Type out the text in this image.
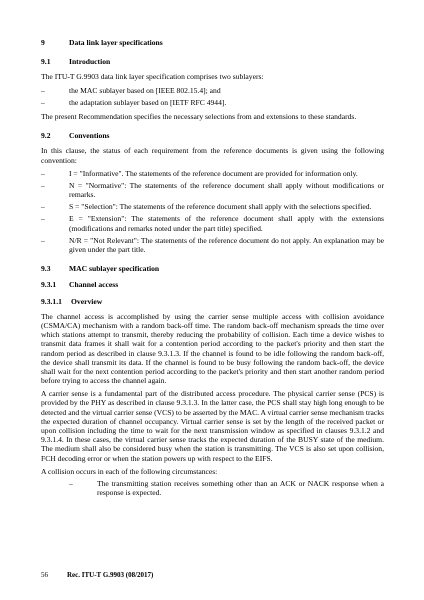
9	Data link layer specifications
9.1	Introduction

The ITU-T G.9903 data link layer specification comprises two sublayers:

–	the MAC sublayer based on [IEEE 802.15.4]; and
–	the adaptation sublayer based on [IETF RFC 4944].

The present Recommendation specifies the necessary selections from and extensions to these standards.

9.2	Conventions

In this clause, the status of each requirement from the reference documents is given using the following convention:

–	I = "Informative". The statements of the reference document are provided for information only.
–	N = "Normative": The statements of the reference document shall apply without modifications or remarks.
–	S = "Selection": The statements of the reference document shall apply with the selections specified.
–	E = "Extension": The statements of the reference document shall apply with the extensions (modifications and remarks noted under the part title) specified.
–	N/R = "Not Relevant": The statements of the reference document do not apply. An explanation may be given under the part title.
9.3	MAC sublayer specification
9.3.1	Channel access
9.3.1.1	Overview

The channel access is accomplished by using the carrier sense multiple access with collision avoidance (CSMA/CA) mechanism with a random back-off time. The random back-off mechanism spreads the time over which stations attempt to transmit, thereby reducing the probability of collision. Each time a device wishes to transmit data frames it shall wait for a contention period according to the packet's priority and then start the random period as described in clause 9.3.1.3. If the channel is found to be idle following the random back-off, the device shall transmit its data. If the channel is found to be busy following the random back-off, the device shall wait for the next contention period according to the packet's priority and then start another random period before trying to access the channel again.

A carrier sense is a fundamental part of the distributed access procedure. The physical carrier sense (PCS) is provided by the PHY as described in clause 9.3.1.3. In the latter case, the PCS shall stay high long enough to be detected and the virtual carrier sense (VCS) to be asserted by the MAC. A virtual carrier sense mechanism tracks the expected duration of channel occupancy. Virtual carrier sense is set by the length of the received packet or upon collision including the time to wait for the next transmission window as specified in clauses 9.3.1.2 and 9.3.1.4. In these cases, the virtual carrier sense tracks the expected duration of the BUSY state of the medium. The medium shall also be considered busy when the station is transmitting. The VCS is also set upon collision, FCH decoding error or when the station powers up with respect to the EIFS.

A collision occurs in each of the following circumstances:

–	The transmitting station receives something other than an ACK or NACK response when a response is expected.
56	Rec. ITU-T G.9903 (08/2017)
